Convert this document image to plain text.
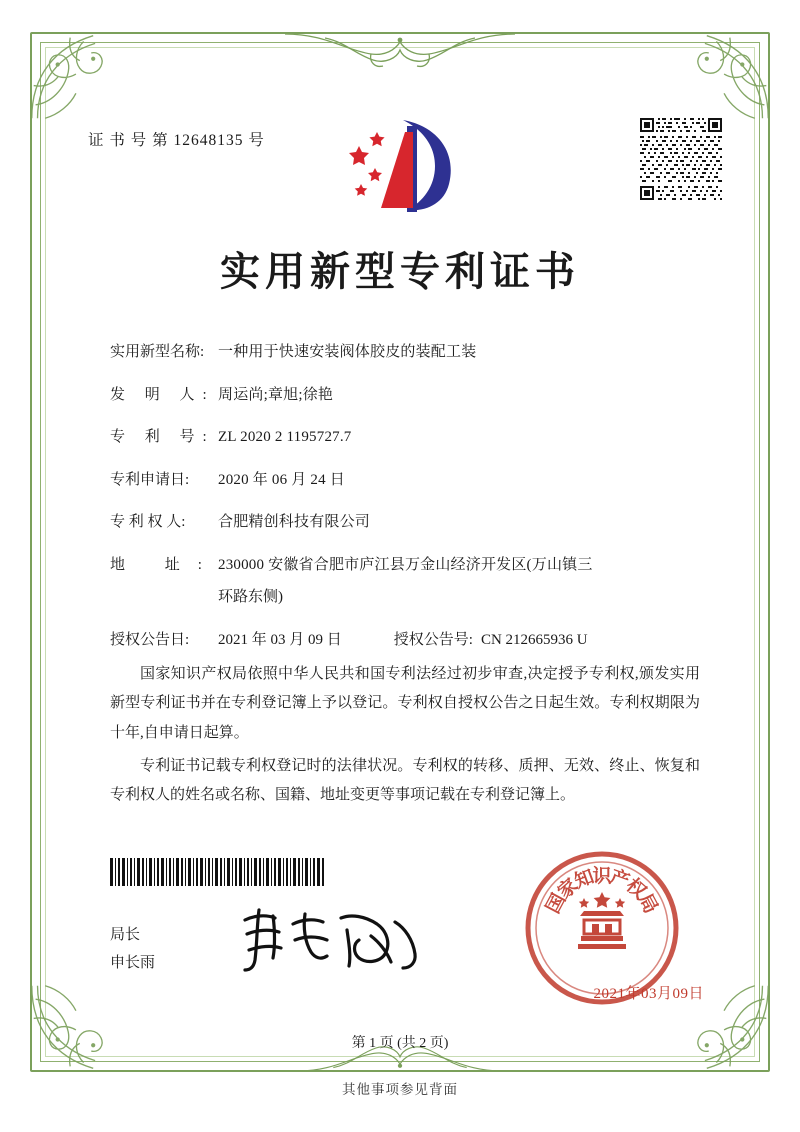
证 书 号 第 12648135 号
实用新型专利证书
实用新型名称: 一种用于快速安装阀体胶皮的装配工装
发 明 人: 周运尚;章旭;徐艳
专 利 号: ZL 2020 2 1195727.7
专利申请日:	2020 年 06 月 24 日
专 利 权 人:	合肥精创科技有限公司
地 址:
230000 安徽省合肥市庐江县万金山经济开发区(万山镇三
环路东侧)
授权公告日:	2021 年 03 月 09 日	授权公告号: CN 212665936 U

国家知识产权局依照中华人民共和国专利法经过初步审查,决定授予专利权,颁发实用新型专利证书并在专利登记簿上予以登记。专利权自授权公告之日起生效。专利权期限为十年,自申请日起算。

专利证书记载专利权登记时的法律状况。专利权的转移、质押、无效、终止、恢复和专利权人的姓名或名称、国籍、地址变更等事项记载在专利登记簿上。

局长
申长雨
国
家
知
识
产
权
局
2021年03月09日
第 1 页 (共 2 页)
其他事项参见背面
